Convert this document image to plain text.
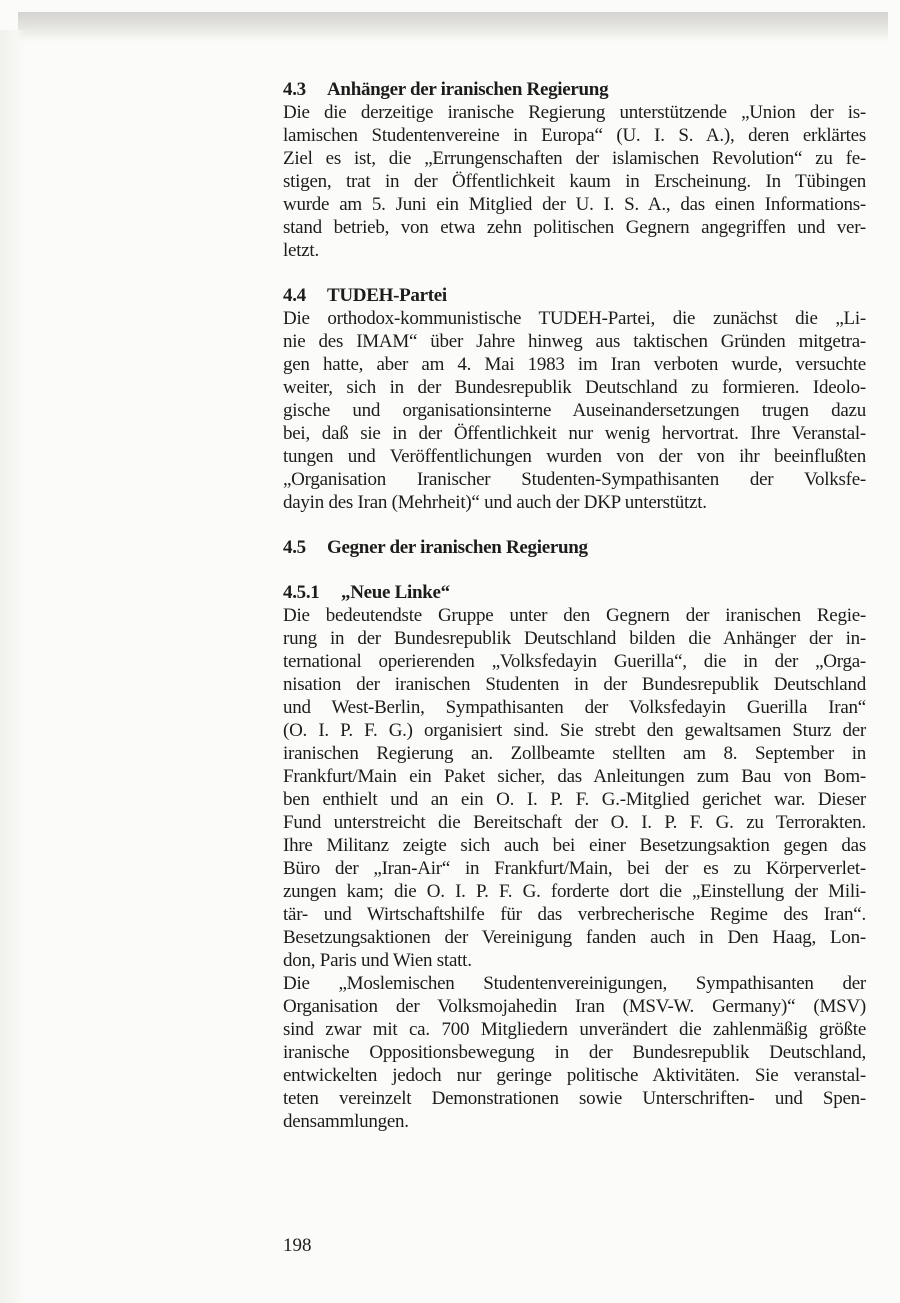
4.3 Anhänger der iranischen Regierung
Die die derzeitige iranische Regierung unterstützende „Union der is-
lamischen Studentenvereine in Europa“ (U. I. S. A.), deren erklärtes
Ziel es ist, die „Errungenschaften der islamischen Revolution“ zu fe-
stigen, trat in der Öffentlichkeit kaum in Erscheinung. In Tübingen
wurde am 5. Juni ein Mitglied der U. I. S. A., das einen Informations-
stand betrieb, von etwa zehn politischen Gegnern angegriffen und ver-
letzt.
4.4 TUDEH-Partei
Die orthodox-kommunistische TUDEH-Partei, die zunächst die „Li-
nie des IMAM“ über Jahre hinweg aus taktischen Gründen mitgetra-
gen hatte, aber am 4. Mai 1983 im Iran verboten wurde, versuchte
weiter, sich in der Bundesrepublik Deutschland zu formieren. Ideolo-
gische und organisationsinterne Auseinandersetzungen trugen dazu
bei, daß sie in der Öffentlichkeit nur wenig hervortrat. Ihre Veranstal-
tungen und Veröffentlichungen wurden von der von ihr beeinflußten
„Organisation Iranischer Studenten-Sympathisanten der Volksfe-
dayin des Iran (Mehrheit)“ und auch der DKP unterstützt.
4.5 Gegner der iranischen Regierung
4.5.1 „Neue Linke“
Die bedeutendste Gruppe unter den Gegnern der iranischen Regie-
rung in der Bundesrepublik Deutschland bilden die Anhänger der in-
ternational operierenden „Volksfedayin Guerilla“, die in der „Orga-
nisation der iranischen Studenten in der Bundesrepublik Deutschland
und West-Berlin, Sympathisanten der Volksfedayin Guerilla Iran“
(O. I. P. F. G.) organisiert sind. Sie strebt den gewaltsamen Sturz der
iranischen Regierung an. Zollbeamte stellten am 8. September in
Frankfurt/Main ein Paket sicher, das Anleitungen zum Bau von Bom-
ben enthielt und an ein O. I. P. F. G.-Mitglied gerichet war. Dieser
Fund unterstreicht die Bereitschaft der O. I. P. F. G. zu Terrorakten.
Ihre Militanz zeigte sich auch bei einer Besetzungsaktion gegen das
Büro der „Iran-Air“ in Frankfurt/Main, bei der es zu Körperverlet-
zungen kam; die O. I. P. F. G. forderte dort die „Einstellung der Mili-
tär- und Wirtschaftshilfe für das verbrecherische Regime des Iran“.
Besetzungsaktionen der Vereinigung fanden auch in Den Haag, Lon-
don, Paris und Wien statt.
Die „Moslemischen Studentenvereinigungen, Sympathisanten der
Organisation der Volksmojahedin Iran (MSV-W. Germany)“ (MSV)
sind zwar mit ca. 700 Mitgliedern unverändert die zahlenmäßig größte
iranische Oppositionsbewegung in der Bundesrepublik Deutschland,
entwickelten jedoch nur geringe politische Aktivitäten. Sie veranstal-
teten vereinzelt Demonstrationen sowie Unterschriften- und Spen-
densammlungen.
198
